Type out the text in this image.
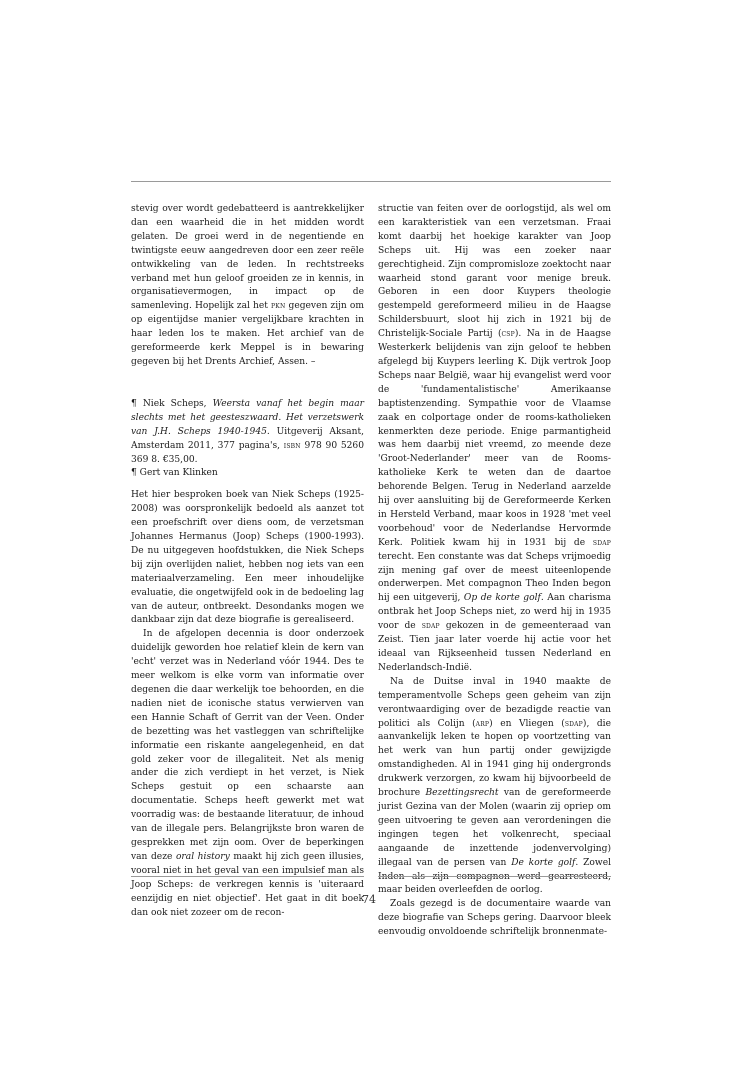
stevig over wordt gedebatteerd is aantrekkelijker dan een waarheid die in het midden wordt gelaten. De groei werd in de negentiende en twintigste eeuw aangedreven door een zeer reële ontwikkeling van de leden. In rechtstreeks verband met hun geloof groeiden ze in kennis, in organisatievermogen, in impact op de samenleving. Hopelijk zal het pkn gegeven zijn om op eigentijdse manier vergelijkbare krachten in haar leden los te maken. Het archief van de gereformeerde kerk Meppel is in bewaring gegeven bij het Drents Archief, Assen. –

¶ Niek Scheps, Weersta vanaf het begin maar slechts met het geesteszwaard. Het verzetswerk van J.H. Scheps 1940-1945. Uitgeverij Aksant, Amsterdam 2011, 377 pagina's, isbn 978 90 5260 369 8. €35,00.

¶ Gert van Klinken

Het hier besproken boek van Niek Scheps (1925-2008) was oorspronkelijk bedoeld als aanzet tot een proefschrift over diens oom, de verzetsman Johannes Hermanus (Joop) Scheps (1900-1993). De nu uitgegeven hoofdstukken, die Niek Scheps bij zijn overlijden naliet, hebben nog iets van een materiaalverzameling. Een meer inhoudelijke evaluatie, die ongetwijfeld ook in de bedoeling lag van de auteur, ontbreekt. Desondanks mogen we dankbaar zijn dat deze biografie is gerealiseerd.

In de afgelopen decennia is door onderzoek duidelijk geworden hoe relatief klein de kern van 'echt' verzet was in Nederland vóór 1944. Des te meer welkom is elke vorm van informatie over degenen die daar werkelijk toe behoorden, en die nadien niet de iconische status verwierven van een Hannie Schaft of Gerrit van der Veen. Onder de bezetting was het vastleggen van schriftelijke informatie een riskante aangelegenheid, en dat gold zeker voor de illegaliteit. Net als menig ander die zich verdiept in het verzet, is Niek Scheps gestuit op een schaarste aan documentatie. Scheps heeft gewerkt met wat voorradig was: de bestaande literatuur, de inhoud van de illegale pers. Belangrijkste bron waren de gesprekken met zijn oom. Over de beperkingen van deze oral history maakt hij zich geen illusies, vooral niet in het geval van een impulsief man als Joop Scheps: de verkregen kennis is 'uiteraard eenzijdig en niet objectief'. Het gaat in dit boek dan ook niet zozeer om de recon-

structie van feiten over de oorlogstijd, als wel om een karakteristiek van een verzetsman. Fraai komt daarbij het hoekige karakter van Joop Scheps uit. Hij was een zoeker naar gerechtigheid. Zijn compromisloze zoektocht naar waarheid stond garant voor menige breuk. Geboren in een door Kuypers theologie gestempeld gereformeerd milieu in de Haagse Schildersbuurt, sloot hij zich in 1921 bij de Christelijk-Sociale Partij (csp). Na in de Haagse Westerkerk belijdenis van zijn geloof te hebben afgelegd bij Kuypers leerling K. Dijk vertrok Joop Scheps naar België, waar hij evangelist werd voor de 'fundamentalistische' Amerikaanse baptistenzending. Sympathie voor de Vlaamse zaak en colportage onder de rooms-katholieken kenmerkten deze periode. Enige parmantigheid was hem daarbij niet vreemd, zo meende deze 'Groot-Nederlander' meer van de Rooms-katholieke Kerk te weten dan de daartoe behorende Belgen. Terug in Nederland aarzelde hij over aansluiting bij de Gereformeerde Kerken in Hersteld Verband, maar koos in 1928 'met veel voorbehoud' voor de Nederlandse Hervormde Kerk. Politiek kwam hij in 1931 bij de sdap terecht. Een constante was dat Scheps vrijmoedig zijn mening gaf over de meest uiteenlopende onderwerpen. Met compagnon Theo Inden begon hij een uitgeverij, Op de korte golf. Aan charisma ontbrak het Joop Scheps niet, zo werd hij in 1935 voor de sdap gekozen in de gemeenteraad van Zeist. Tien jaar later voerde hij actie voor het ideaal van Rijkseenheid tussen Nederland en Nederlandsch-Indië.

Na de Duitse inval in 1940 maakte de temperamentvolle Scheps geen geheim van zijn verontwaardiging over de bezadigde reactie van politici als Colijn (arp) en Vliegen (sdap), die aanvankelijk leken te hopen op voortzetting van het werk van hun partij onder gewijzigde omstandigheden. Al in 1941 ging hij ondergronds drukwerk verzorgen, zo kwam hij bijvoorbeeld de brochure Bezettingsrecht van de gereformeerde jurist Gezina van der Molen (waarin zij opriep om geen uitvoering te geven aan verordeningen die ingingen tegen het volkenrecht, speciaal aangaande de inzettende jodenvervolging) illegaal van de persen van De korte golf. Zowel Inden als zijn compagnon werd gearresteerd, maar beiden overleefden de oorlog.

Zoals gezegd is de documentaire waarde van deze biografie van Scheps gering. Daarvoor bleek eenvoudig onvoldoende schriftelijk bronnenmate-

74
